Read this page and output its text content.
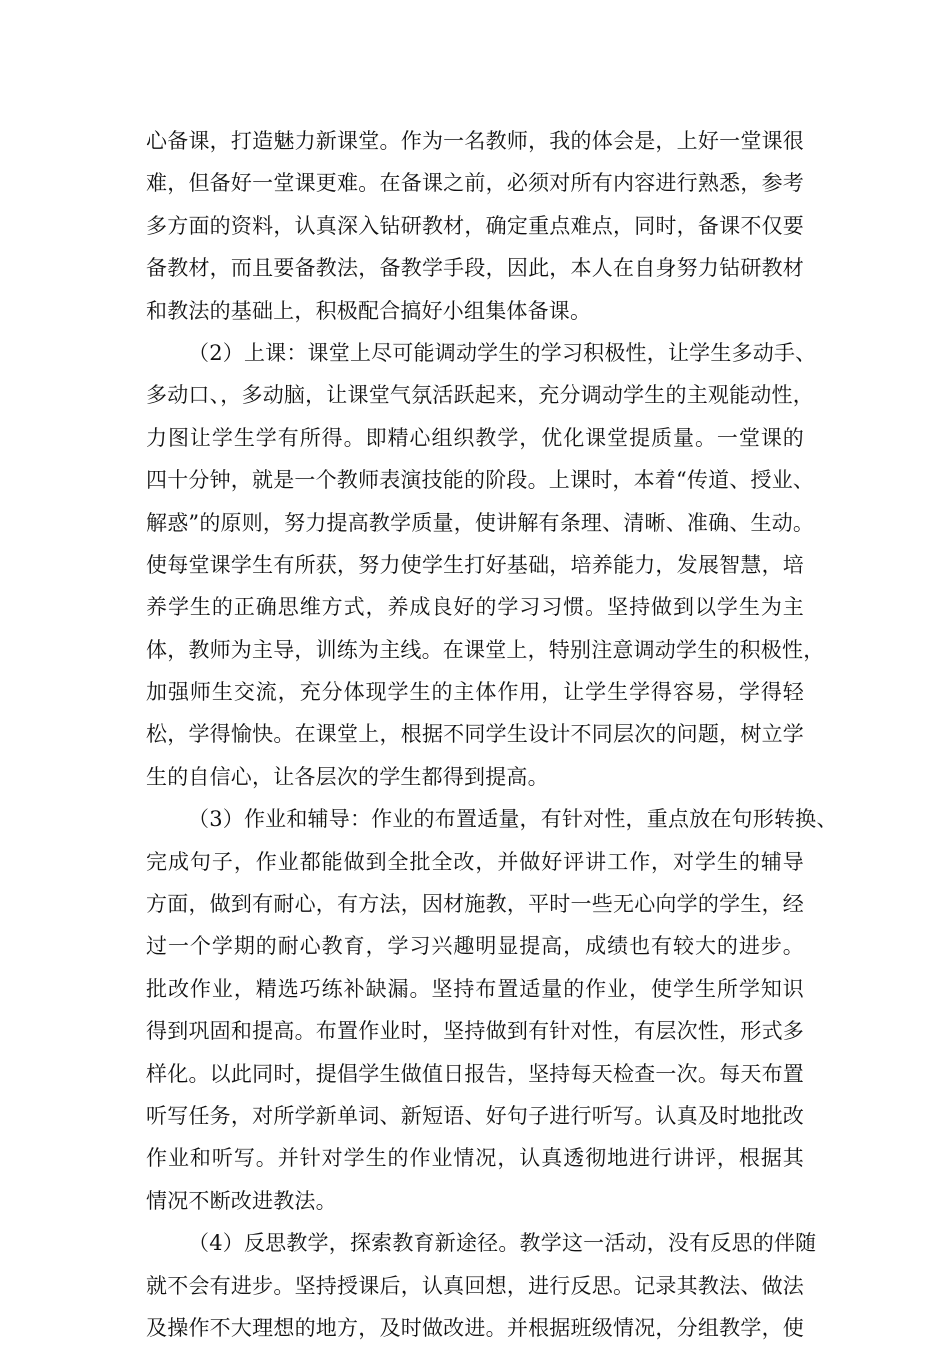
心备课，打造魅力新课堂。作为一名教师，我的体会是，上好一堂课很
难，但备好一堂课更难。在备课之前，必须对所有内容进行熟悉，参考
多方面的资料，认真深入钻研教材，确定重点难点，同时，备课不仅要
备教材，而且要备教法，备教学手段，因此，本人在自身努力钻研教材
和教法的基础上，积极配合搞好小组集体备课。
（2）上课：课堂上尽可能调动学生的学习积极性，让学生多动手、
多动口、，多动脑，让课堂气氛活跃起来，充分调动学生的主观能动性，
力图让学生学有所得。即精心组织教学，优化课堂提质量。一堂课的
四十分钟，就是一个教师表演技能的阶段。上课时，本着“传道、授业、
解惑”的原则，努力提高教学质量，使讲解有条理、清晰、准确、生动。
使每堂课学生有所获，努力使学生打好基础，培养能力，发展智慧，培
养学生的正确思维方式，养成良好的学习习惯。坚持做到以学生为主
体，教师为主导，训练为主线。在课堂上，特别注意调动学生的积极性，
加强师生交流，充分体现学生的主体作用，让学生学得容易，学得轻
松，学得愉快。在课堂上，根据不同学生设计不同层次的问题，树立学
生的自信心，让各层次的学生都得到提高。
（3）作业和辅导：作业的布置适量，有针对性，重点放在句形转换、
完成句子，作业都能做到全批全改，并做好评讲工作，对学生的辅导
方面，做到有耐心，有方法，因材施教，平时一些无心向学的学生，经
过一个学期的耐心教育，学习兴趣明显提高，成绩也有较大的进步。
批改作业，精选巧练补缺漏。坚持布置适量的作业，使学生所学知识
得到巩固和提高。布置作业时，坚持做到有针对性，有层次性，形式多
样化。以此同时，提倡学生做值日报告，坚持每天检查一次。每天布置
听写任务，对所学新单词、新短语、好句子进行听写。认真及时地批改
作业和听写。并针对学生的作业情况，认真透彻地进行讲评，根据其
情况不断改进教法。
（4）反思教学，探索教育新途径。教学这一活动，没有反思的伴随
就不会有进步。坚持授课后，认真回想，进行反思。记录其教法、做法
及操作不大理想的地方，及时做改进。并根据班级情况，分组教学，使
